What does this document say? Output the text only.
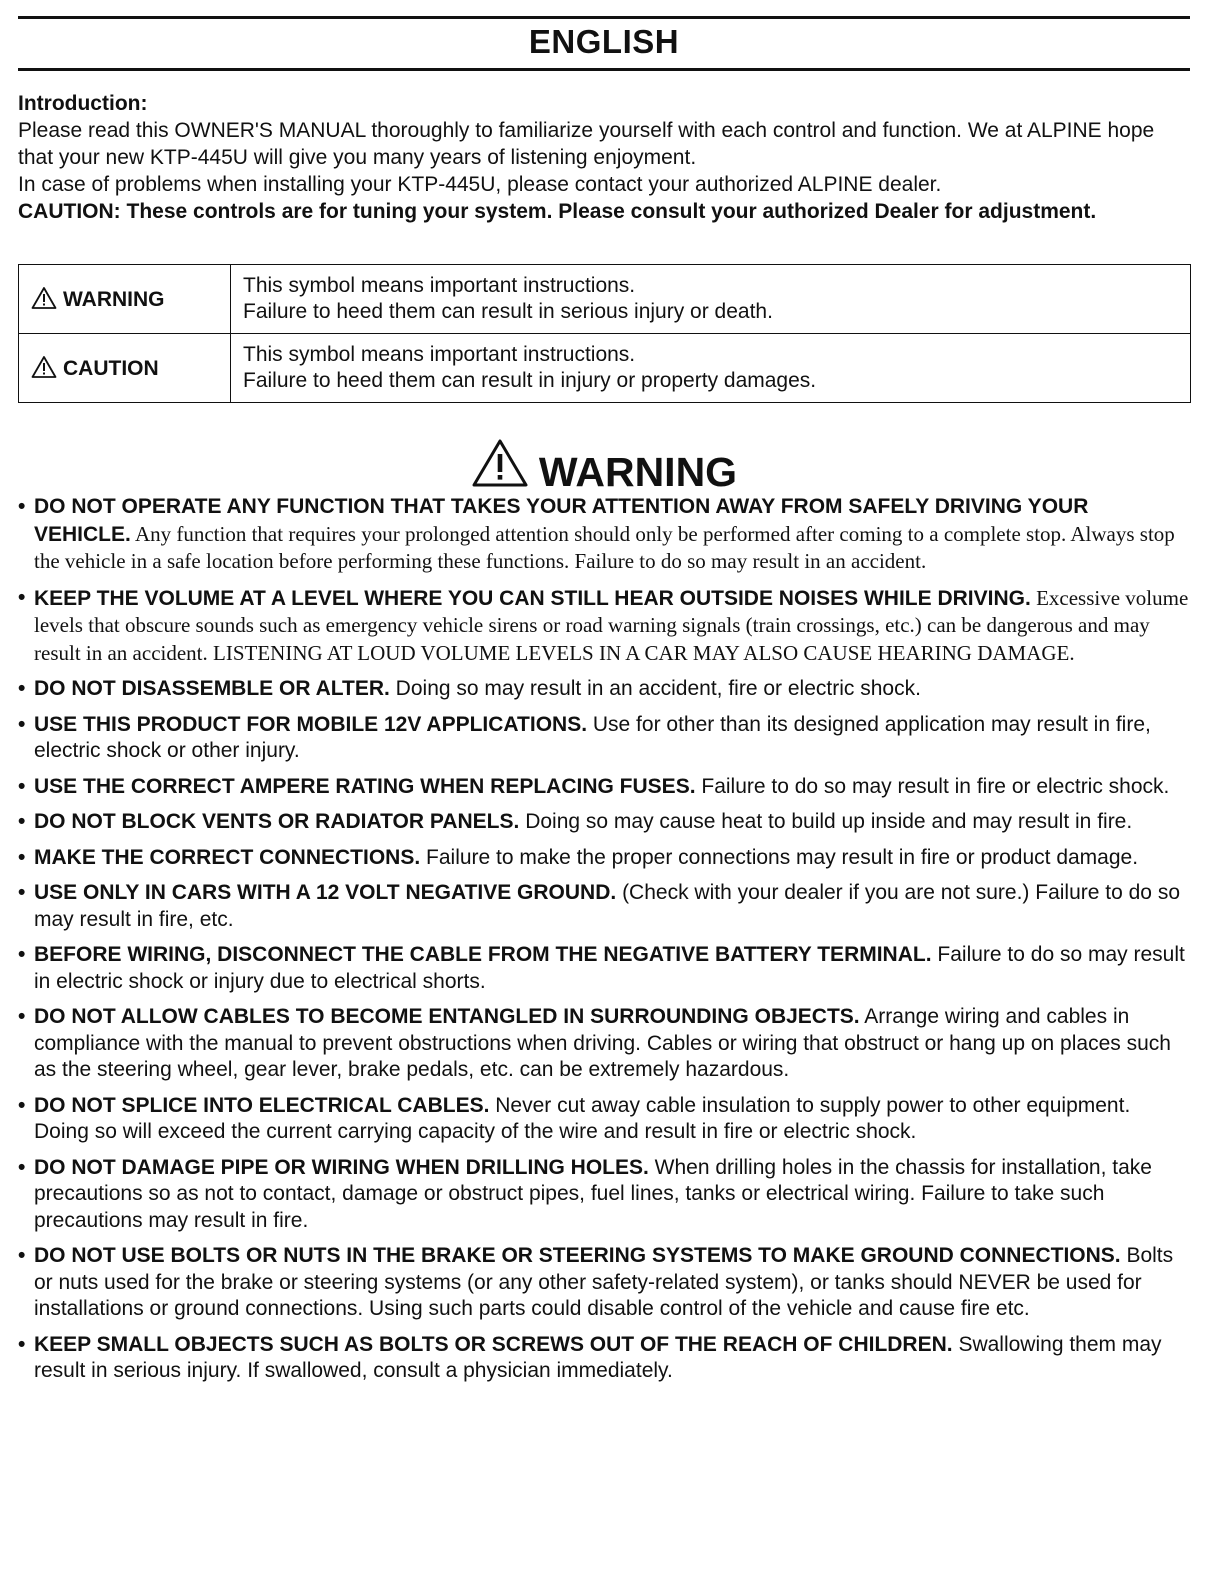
ENGLISH

Introduction:

Please read this OWNER'S MANUAL thoroughly to familiarize yourself with each control and function. We at ALPINE hope that your new KTP-445U will give you many years of listening enjoyment.

In case of problems when installing your KTP-445U, please contact your authorized ALPINE dealer.

CAUTION: These controls are for tuning your system. Please consult your authorized Dealer for adjustment.

WARNING	This symbol means important instructions.
Failure to heed them can result in serious injury or death.

CAUTION	This symbol means important instructions.
Failure to heed them can result in injury or property damages.
WARNING
• DO NOT OPERATE ANY FUNCTION THAT TAKES YOUR ATTENTION AWAY FROM SAFELY DRIVING YOUR VEHICLE. Any function that requires your prolonged attention should only be performed after coming to a complete stop. Always stop the vehicle in a safe location before performing these functions. Failure to do so may result in an accident.
• KEEP THE VOLUME AT A LEVEL WHERE YOU CAN STILL HEAR OUTSIDE NOISES WHILE DRIVING. Excessive volume levels that obscure sounds such as emergency vehicle sirens or road warning signals (train crossings, etc.) can be dangerous and may result in an accident. LISTENING AT LOUD VOLUME LEVELS IN A CAR MAY ALSO CAUSE HEARING DAMAGE.
• DO NOT DISASSEMBLE OR ALTER. Doing so may result in an accident, fire or electric shock.
• USE THIS PRODUCT FOR MOBILE 12V APPLICATIONS. Use for other than its designed application may result in fire, electric shock or other injury.
• USE THE CORRECT AMPERE RATING WHEN REPLACING FUSES. Failure to do so may result in fire or electric shock.
• DO NOT BLOCK VENTS OR RADIATOR PANELS. Doing so may cause heat to build up inside and may result in fire.
• MAKE THE CORRECT CONNECTIONS. Failure to make the proper connections may result in fire or product damage.
• USE ONLY IN CARS WITH A 12 VOLT NEGATIVE GROUND. (Check with your dealer if you are not sure.) Failure to do so may result in fire, etc.
• BEFORE WIRING, DISCONNECT THE CABLE FROM THE NEGATIVE BATTERY TERMINAL. Failure to do so may result in electric shock or injury due to electrical shorts.
• DO NOT ALLOW CABLES TO BECOME ENTANGLED IN SURROUNDING OBJECTS. Arrange wiring and cables in compliance with the manual to prevent obstructions when driving. Cables or wiring that obstruct or hang up on places such as the steering wheel, gear lever, brake pedals, etc. can be extremely hazardous.
• DO NOT SPLICE INTO ELECTRICAL CABLES. Never cut away cable insulation to supply power to other equipment. Doing so will exceed the current carrying capacity of the wire and result in fire or electric shock.
• DO NOT DAMAGE PIPE OR WIRING WHEN DRILLING HOLES. When drilling holes in the chassis for installation, take precautions so as not to contact, damage or obstruct pipes, fuel lines, tanks or electrical wiring. Failure to take such precautions may result in fire.
• DO NOT USE BOLTS OR NUTS IN THE BRAKE OR STEERING SYSTEMS TO MAKE GROUND CONNECTIONS. Bolts or nuts used for the brake or steering systems (or any other safety-related system), or tanks should NEVER be used for installations or ground connections. Using such parts could disable control of the vehicle and cause fire etc.
• KEEP SMALL OBJECTS SUCH AS BOLTS OR SCREWS OUT OF THE REACH OF CHILDREN. Swallowing them may result in serious injury. If swallowed, consult a physician immediately.
